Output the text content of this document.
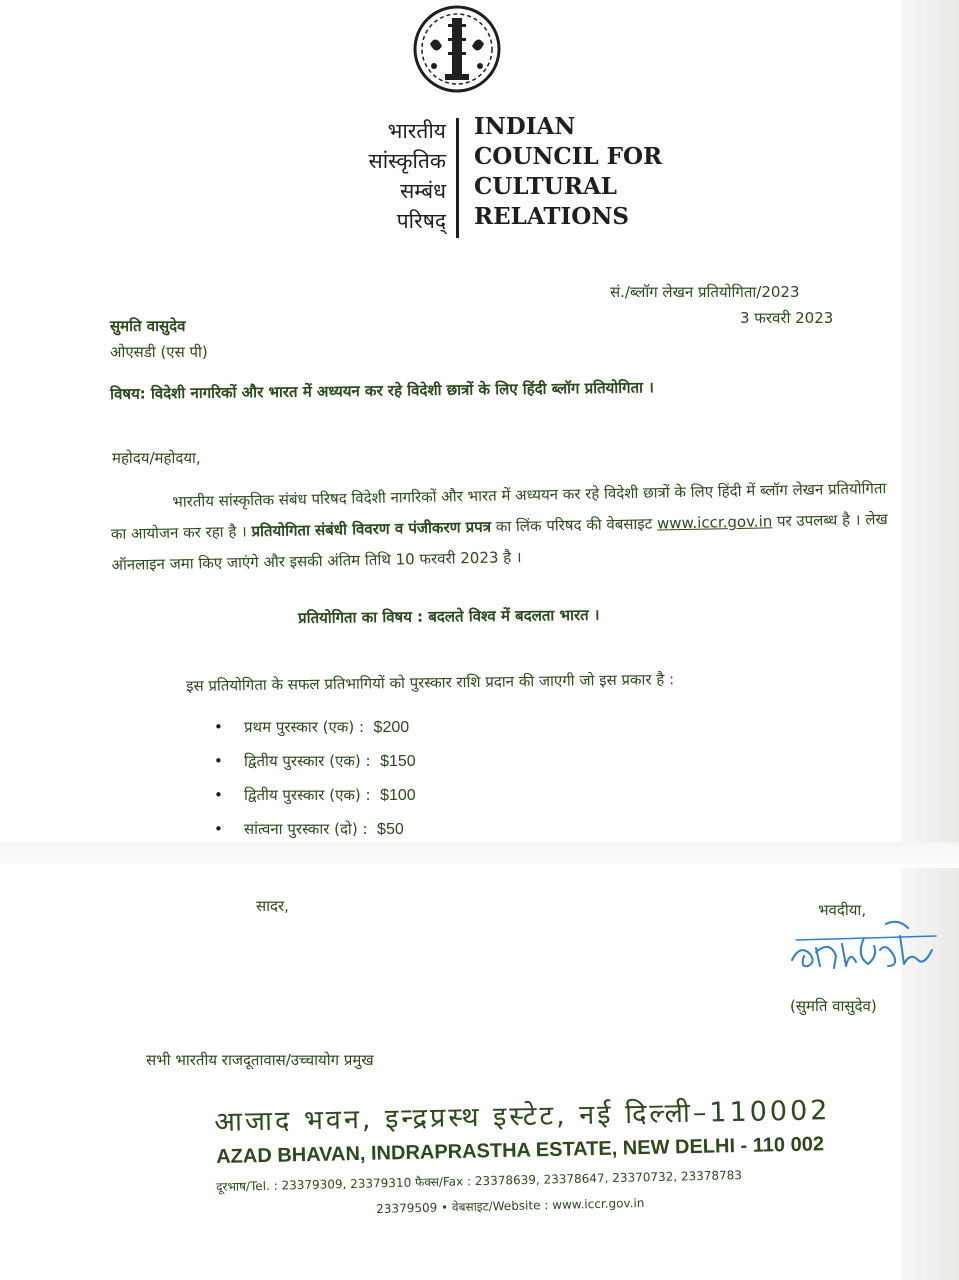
भारतीय
सांस्कृतिक
सम्बंध
परिषद्
INDIAN
COUNCIL FOR
CULTURAL
RELATIONS
सं./ब्लॉग लेखन प्रतियोगिता/2023
3 फरवरी 2023
सुमति वासुदेव
ओएसडी (एस पी)
विषय: विदेशी नागरिकों और भारत में अध्ययन कर रहे विदेशी छात्रों के लिए हिंदी ब्लॉग प्रतियोगिता ।
महोदय/महोदया,

भारतीय सांस्कृतिक संबंध परिषद विदेशी नागरिकों और भारत में अध्ययन कर रहे विदेशी छात्रों के लिए हिंदी में ब्लॉग लेखन प्रतियोगिता का आयोजन कर रहा है । प्रतियोगिता संबंधी विवरण व पंजीकरण प्रपत्र का लिंक परिषद की वेबसाइट www.iccr.gov.in पर उपलब्ध है । लेख ऑनलाइन जमा किए जाएंगे और इसकी अंतिम तिथि 10 फरवरी 2023 है ।

प्रतियोगिता का विषय : बदलते विश्व में बदलता भारत ।
इस प्रतियोगिता के सफल प्रतिभागियों को पुरस्कार राशि प्रदान की जाएगी जो इस प्रकार है :
• प्रथम पुरस्कार (एक) : $200
• द्वितीय पुरस्कार (एक) : $150
• द्वितीय पुरस्कार (एक) : $100
• सांत्वना पुरस्कार (दो) : $50
सादर,	भवदीया,
(सुमति वासुदेव)
सभी भारतीय राजदूतावास/उच्चायोग प्रमुख
आजाद भवन, इन्द्रप्रस्थ इस्टेट, नई दिल्ली–110002
AZAD BHAVAN, INDRAPRASTHA ESTATE, NEW DELHI - 110 002
दूरभाष/Tel. : 23379309, 23379310 फैक्स/Fax : 23378639, 23378647, 23370732, 23378783
23379509 • वेबसाइट/Website : www.iccr.gov.in
